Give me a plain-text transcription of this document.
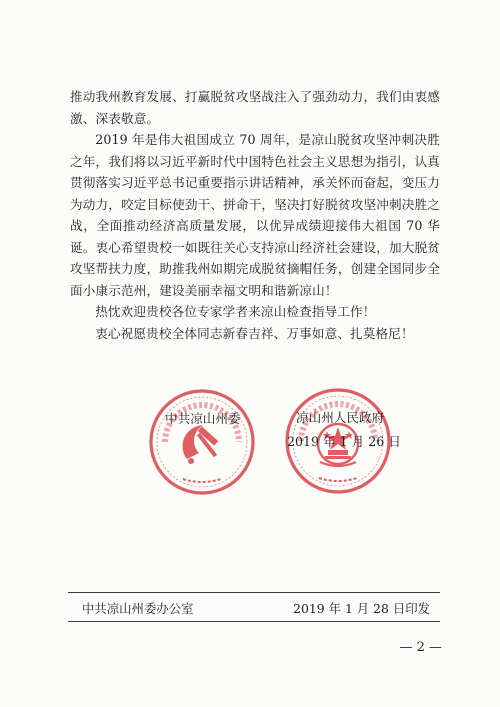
推动我州教育发展、打赢脱贫攻坚战注入了强劲动力，我们由衷感激、深表敬意。

2019 年是伟大祖国成立 70 周年，是凉山脱贫攻坚冲刺决胜之年，我们将以习近平新时代中国特色社会主义思想为指引，认真贯彻落实习近平总书记重要指示讲话精神，承关怀而奋起，变压力为动力，咬定目标使劲干、拼命干，坚决打好脱贫攻坚冲刺决胜之战，全面推动经济高质量发展，以优异成绩迎接伟大祖国 70 华诞。衷心希望贵校一如既往关心支持凉山经济社会建设，加大脱贫攻坚帮扶力度，助推我州如期完成脱贫摘帽任务，创建全国同步全面小康示范州，建设美丽幸福文明和谐新凉山！

热忱欢迎贵校各位专家学者来凉山检查指导工作！

衷心祝愿贵校全体同志新春吉祥、万事如意、扎莫格尼！

中共凉山州委	凉山州人民政府
2019 年 1 月 26 日
中共凉山州委办公室	2019 年 1 月 28 日印发
— 2 —
